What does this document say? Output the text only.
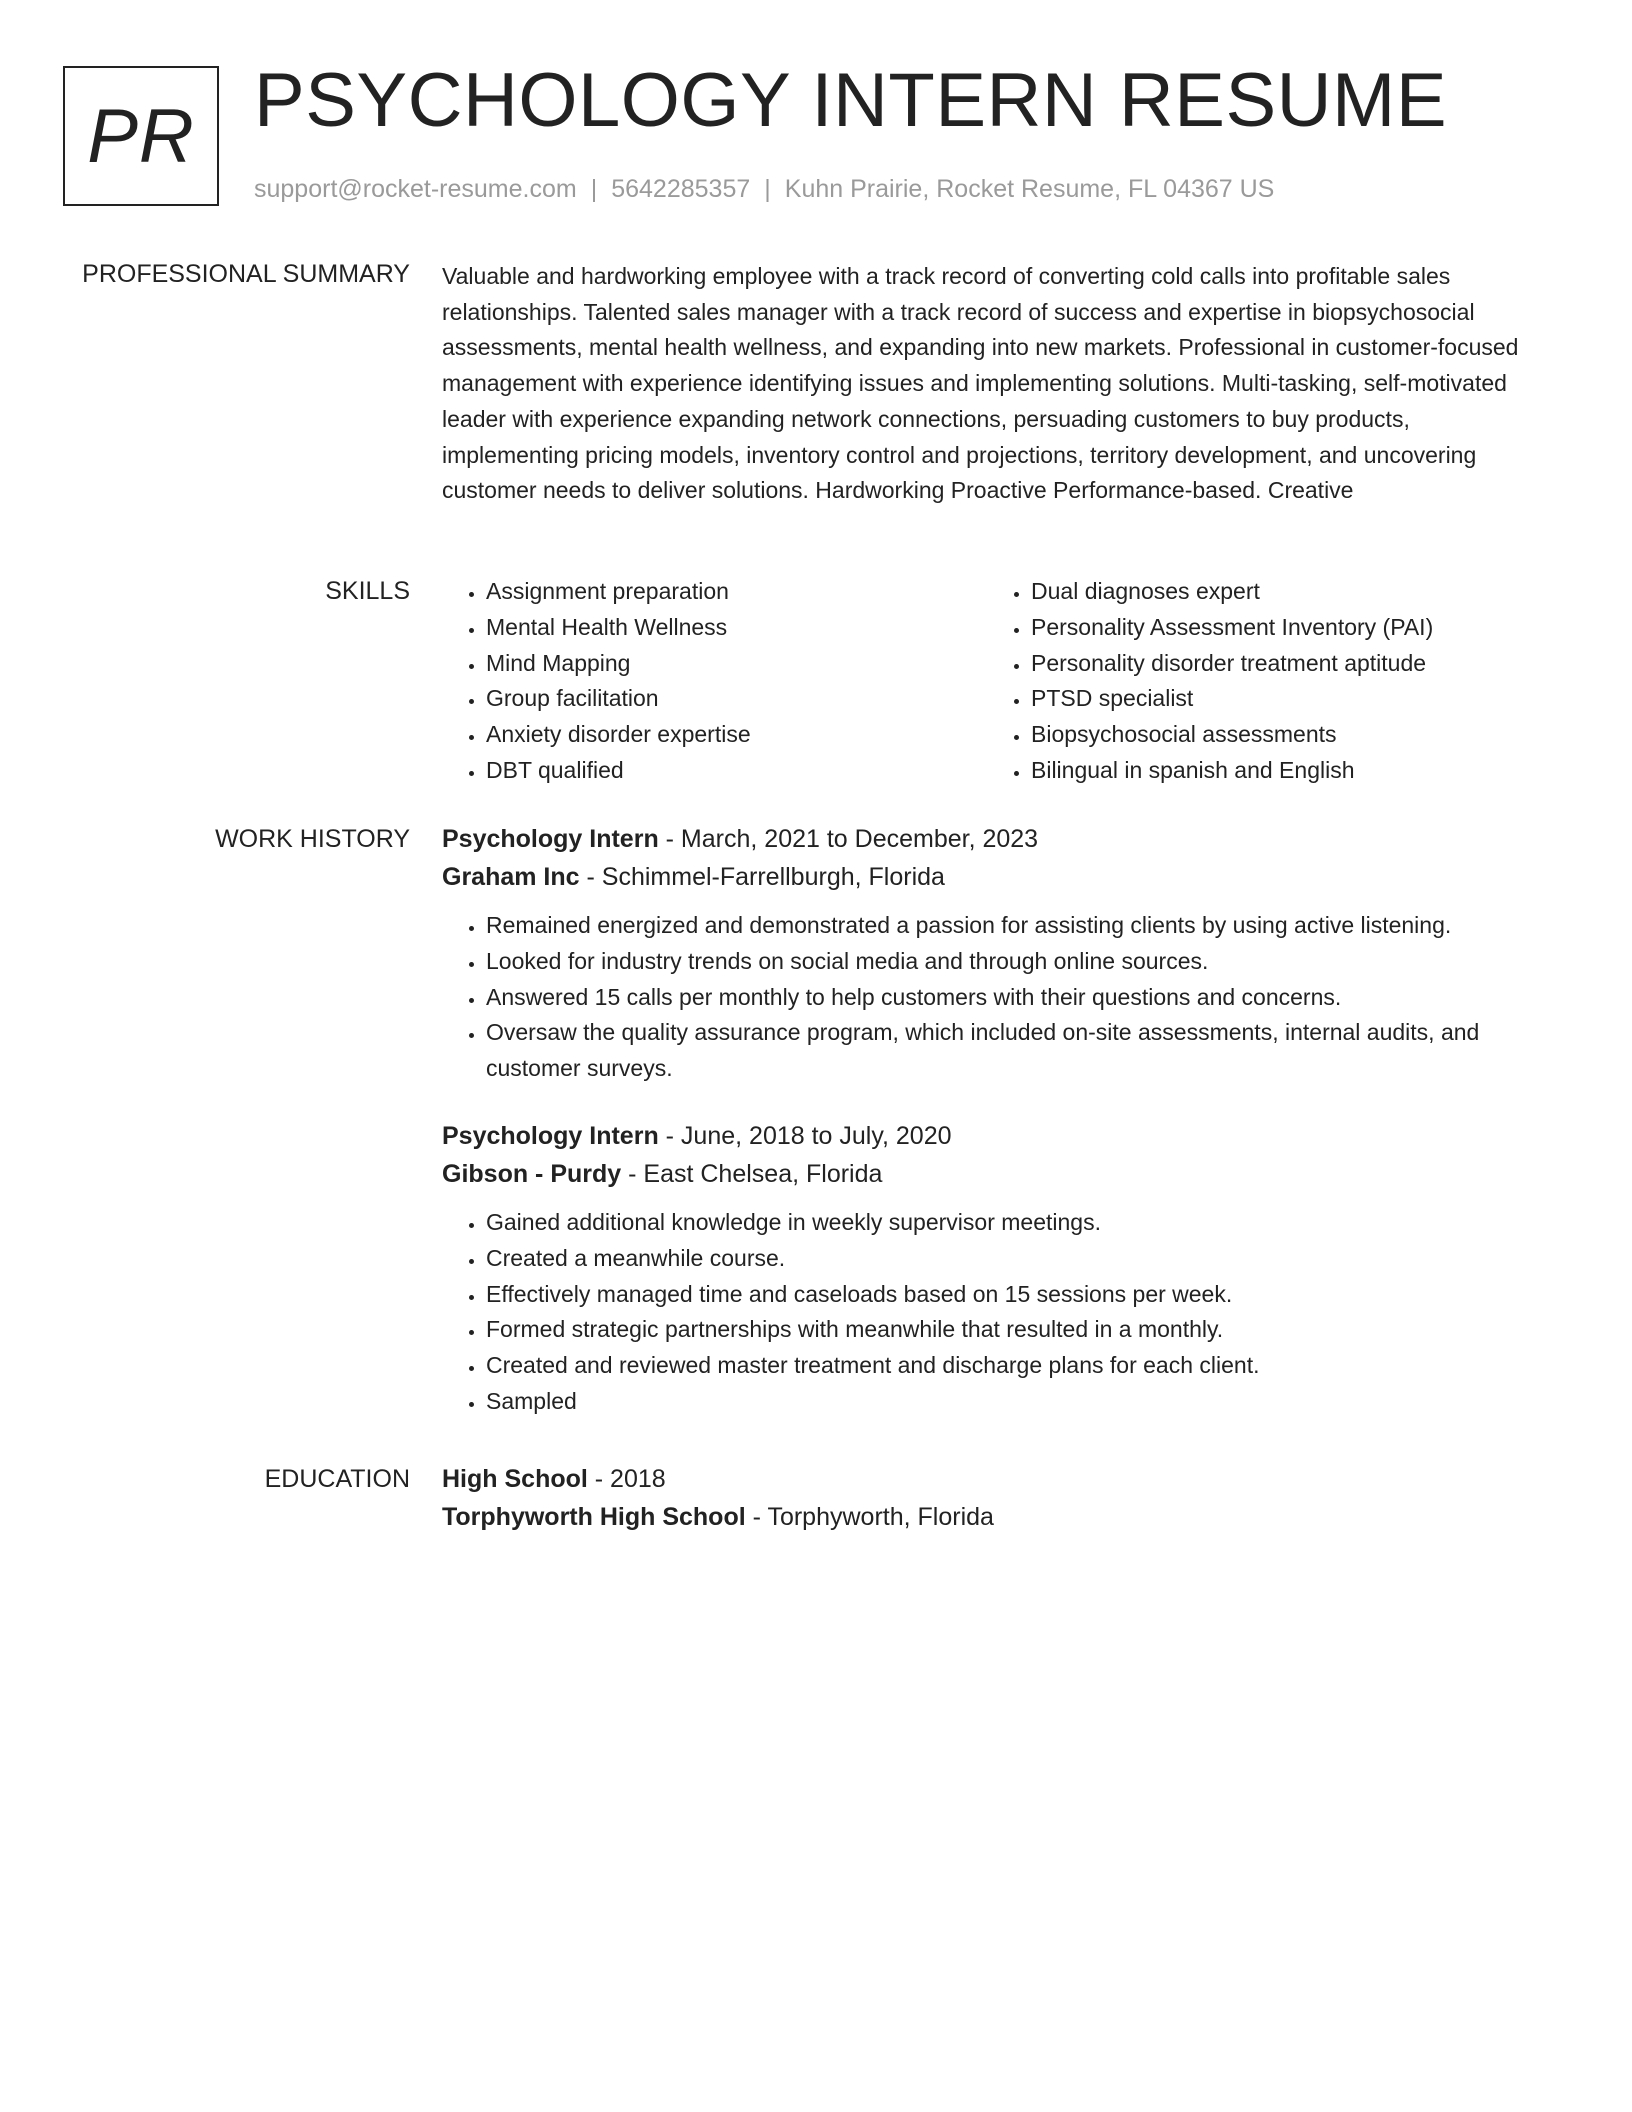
PR PSYCHOLOGY INTERN RESUME
support@rocket-resume.com | 5642285357 | Kuhn Prairie, Rocket Resume, FL 04367 US
PROFESSIONAL SUMMARY Valuable and hardworking employee with a track record of converting cold calls into profitable sales relationships. Talented sales manager with a track record of success and expertise in biopsychosocial assessments, mental health wellness, and expanding into new markets. Professional in customer-focused management with experience identifying issues and implementing solutions. Multi-tasking, self-motivated leader with experience expanding network connections, persuading customers to buy products, implementing pricing models, inventory control and projections, territory development, and uncovering customer needs to deliver solutions. Hardworking Proactive Performance-based. Creative

SKILLS
•	Assignment preparation
• Mental Health Wellness
• Mind Mapping
• Group facilitation
• Anxiety disorder expertise
• DBT qualified
• Dual diagnoses expert
• Personality Assessment Inventory (PAI)
• Personality disorder treatment aptitude
• PTSD specialist
• Biopsychosocial assessments
• Bilingual in spanish and English
WORK HISTORY Psychology Intern - March, 2021 to December, 2023
Graham Inc - Schimmel-Farrellburgh, Florida
• Remained energized and demonstrated a passion for assisting clients by using active listening.
• Looked for industry trends on social media and through online sources.
• Answered 15 calls per monthly to help customers with their questions and concerns.
• Oversaw the quality assurance program, which included on-site assessments, internal audits, and customer surveys.
Psychology Intern - June, 2018 to July, 2020
Gibson - Purdy - East Chelsea, Florida
• Gained additional knowledge in weekly supervisor meetings.
• Created a meanwhile course.
• Effectively managed time and caseloads based on 15 sessions per week.
• Formed strategic partnerships with meanwhile that resulted in a monthly.
• Created and reviewed master treatment and discharge plans for each client.
• Sampled
EDUCATION High School - 2018
Torphyworth High School - Torphyworth, Florida
